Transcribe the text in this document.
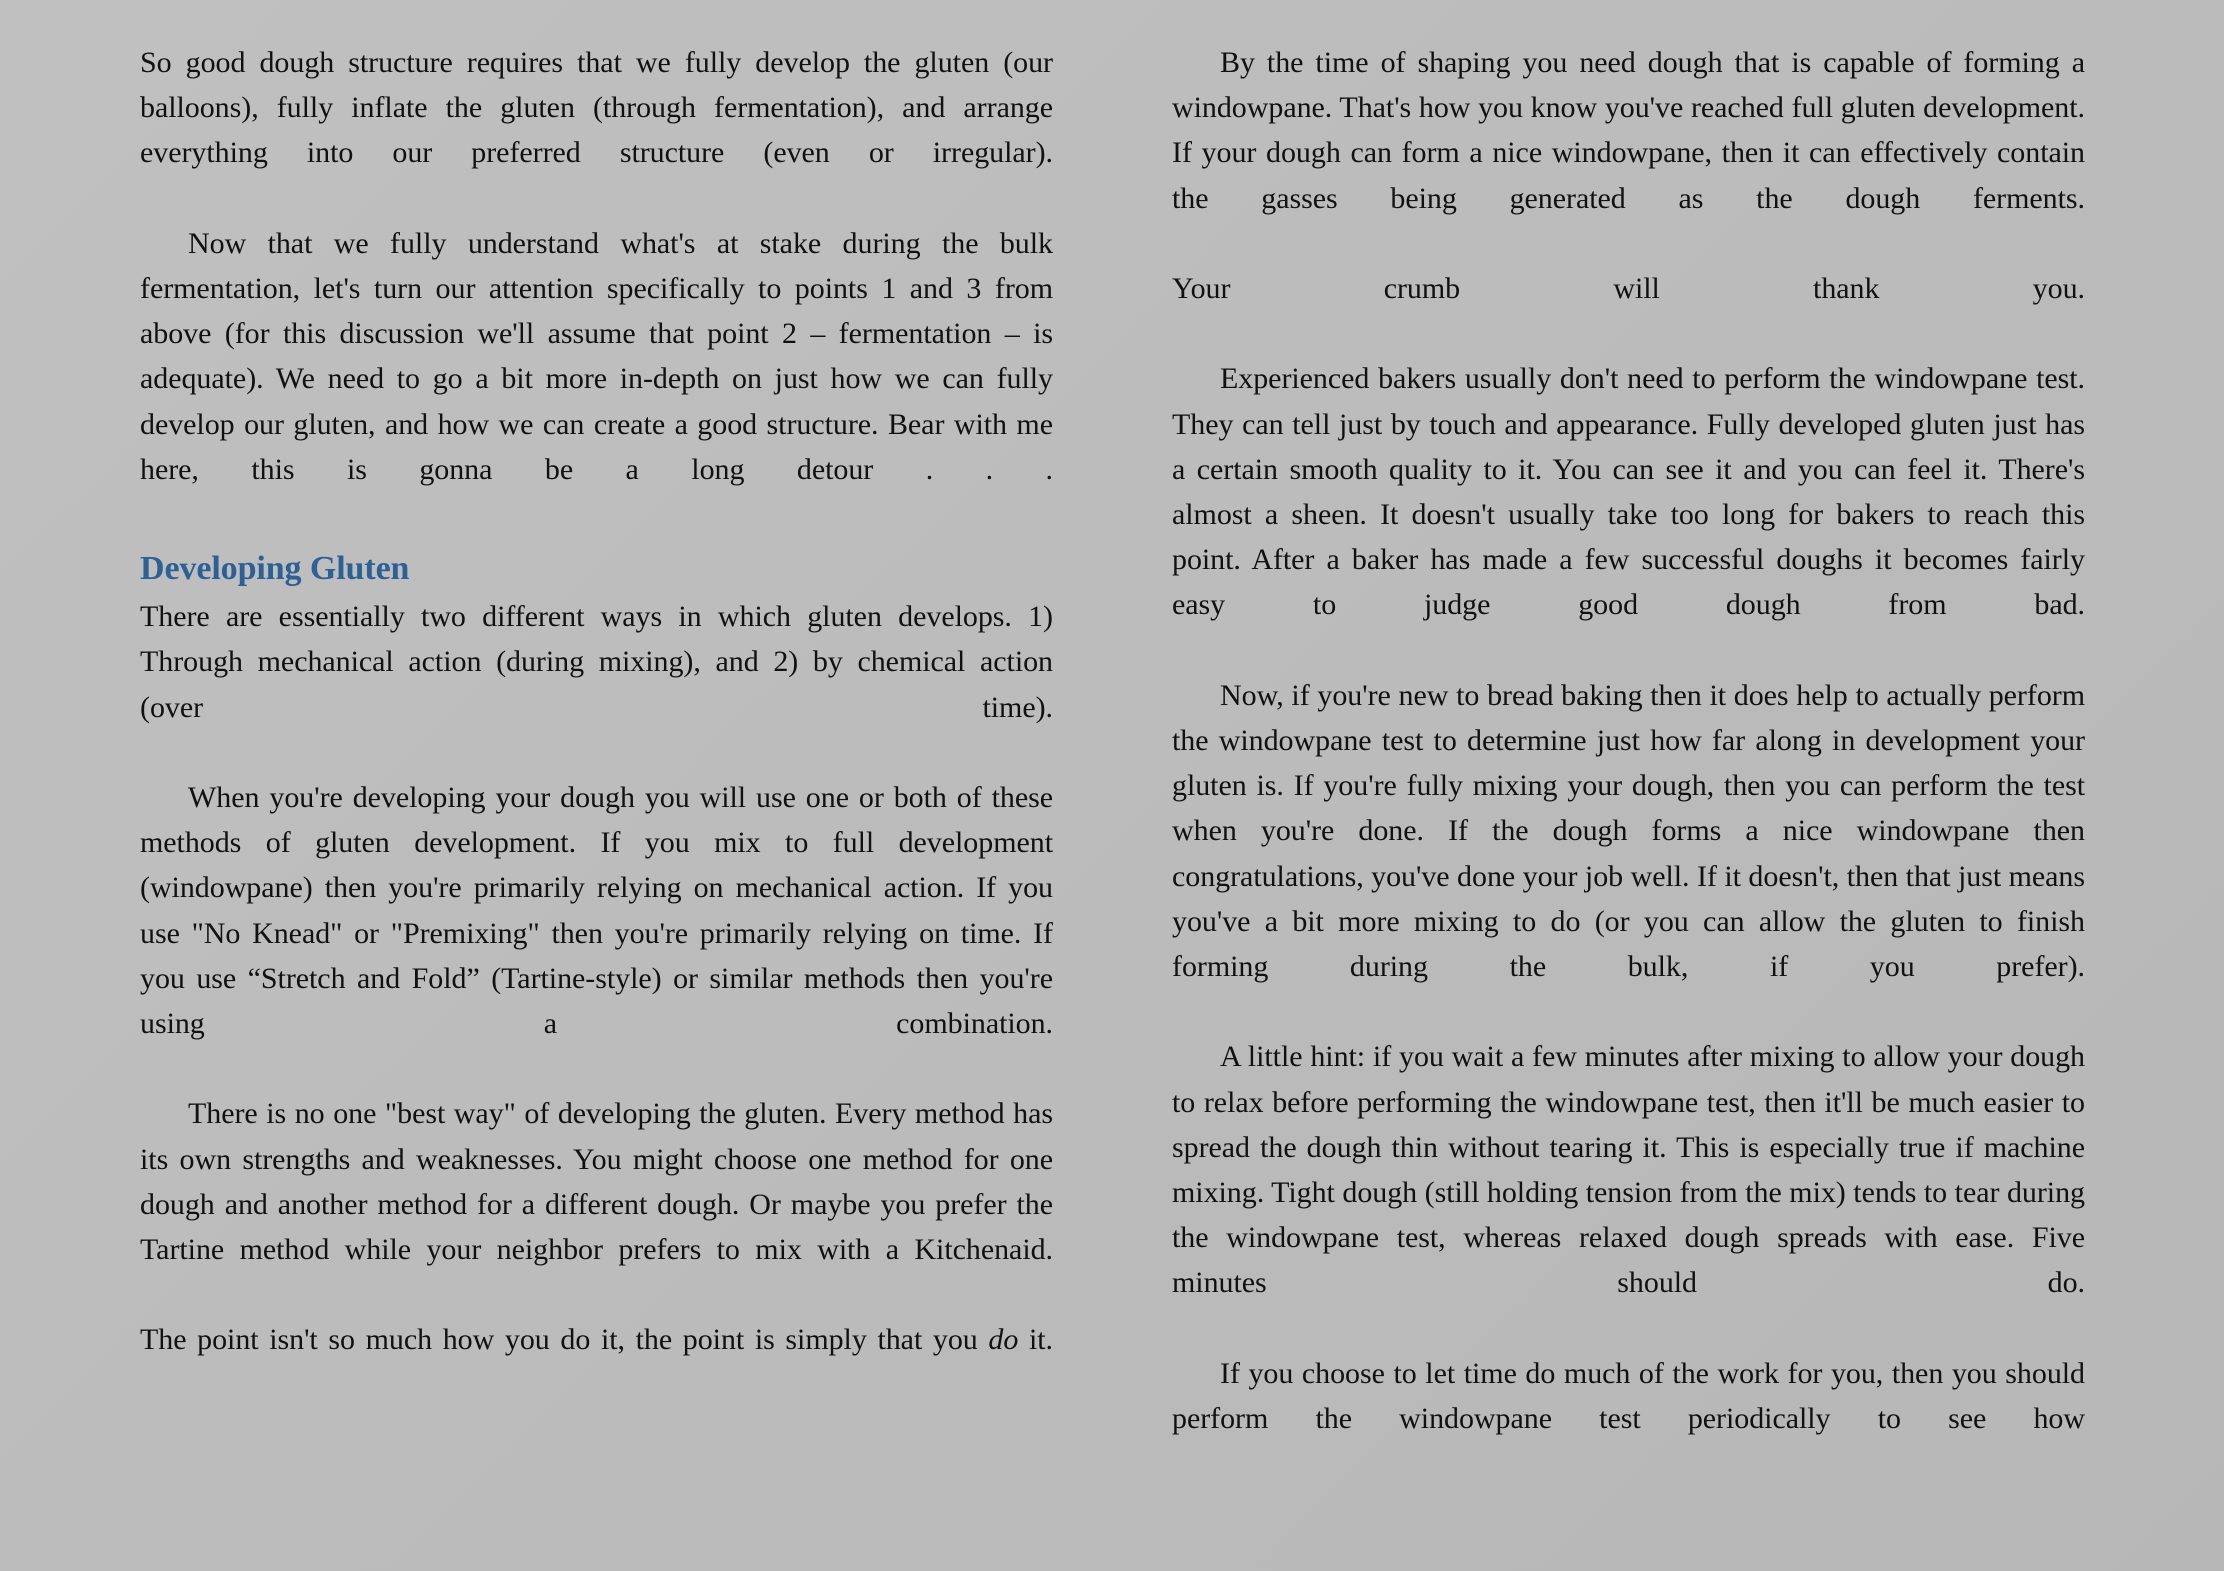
So good dough structure requires that we fully develop the gluten (our balloons), fully inflate the gluten (through fermentation), and arrange everything into our preferred structure (even or irregular).

Now that we fully understand what's at stake during the bulk fermentation, let's turn our attention specifically to points 1 and 3 from above (for this discussion we'll assume that point 2 – fermentation – is adequate). We need to go a bit more in-depth on just how we can fully develop our gluten, and how we can create a good structure. Bear with me here, this is gonna be a long detour . . .

Developing Gluten

There are essentially two different ways in which gluten develops. 1) Through mechanical action (during mixing), and 2) by chemical action (over time).

When you're developing your dough you will use one or both of these methods of gluten development. If you mix to full development (windowpane) then you're primarily relying on mechanical action. If you use "No Knead" or "Premixing" then you're primarily relying on time. If you use “Stretch and Fold” (Tartine-style) or similar methods then you're using a combination.

There is no one "best way" of developing the gluten. Every method has its own strengths and weaknesses. You might choose one method for one dough and another method for a different dough. Or maybe you prefer the Tartine method while your neighbor prefers to mix with a Kitchenaid.

The point isn't so much how you do it, the point is simply that you do it.

By the time of shaping you need dough that is capable of forming a windowpane. That's how you know you've reached full gluten development. If your dough can form a nice windowpane, then it can effectively contain the gasses being generated as the dough ferments.

Your crumb will thank you.

Experienced bakers usually don't need to perform the windowpane test. They can tell just by touch and appearance. Fully developed gluten just has a certain smooth quality to it. You can see it and you can feel it. There's almost a sheen. It doesn't usually take too long for bakers to reach this point. After a baker has made a few successful doughs it becomes fairly easy to judge good dough from bad.

Now, if you're new to bread baking then it does help to actually perform the windowpane test to determine just how far along in development your gluten is. If you're fully mixing your dough, then you can perform the test when you're done. If the dough forms a nice windowpane then congratulations, you've done your job well. If it doesn't, then that just means you've a bit more mixing to do (or you can allow the gluten to finish forming during the bulk, if you prefer).

A little hint: if you wait a few minutes after mixing to allow your dough to relax before performing the windowpane test, then it'll be much easier to spread the dough thin without tearing it. This is especially true if machine mixing. Tight dough (still holding tension from the mix) tends to tear during the windowpane test, whereas relaxed dough spreads with ease. Five minutes should do.

If you choose to let time do much of the work for you, then you should perform the windowpane test periodically to see how
